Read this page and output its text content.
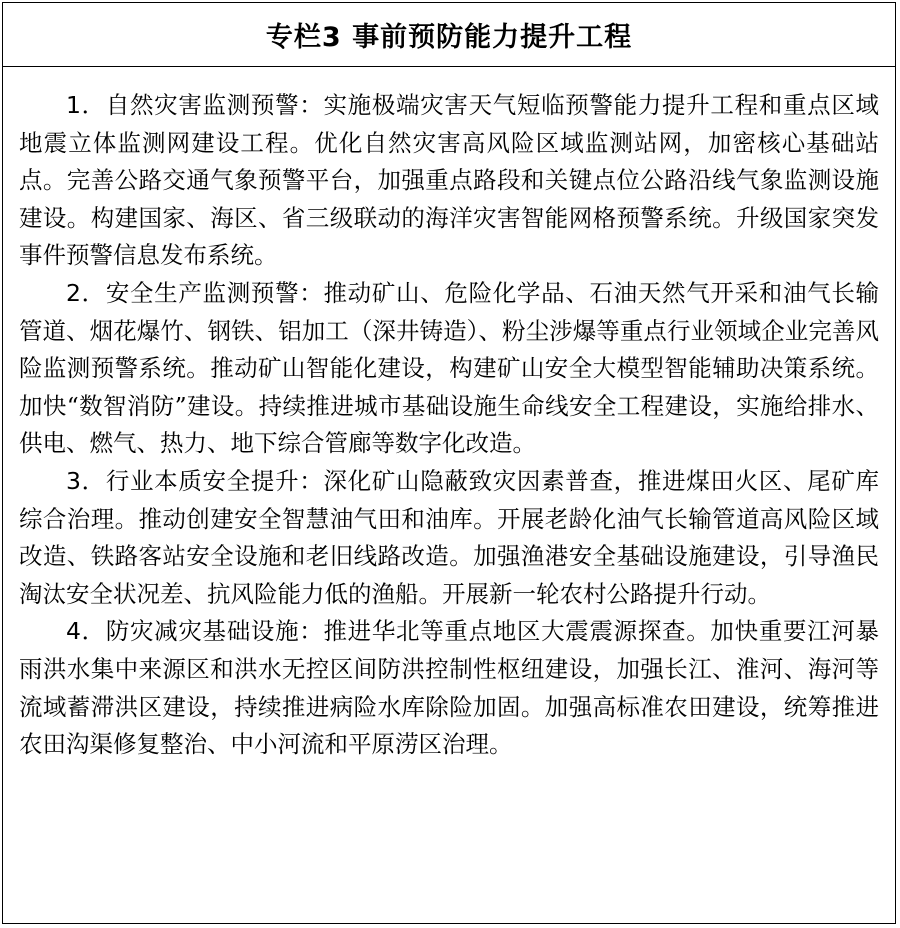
专栏3 事前预防能力提升工程

1．自然灾害监测预警：实施极端灾害天气短临预警能力提升工程和重点区域地震立体监测网建设工程。优化自然灾害高风险区域监测站网，加密核心基础站点。完善公路交通气象预警平台，加强重点路段和关键点位公路沿线气象监测设施建设。构建国家、海区、省三级联动的海洋灾害智能网格预警系统。升级国家突发事件预警信息发布系统。

2．安全生产监测预警：推动矿山、危险化学品、石油天然气开采和油气长输管道、烟花爆竹、钢铁、铝加工（深井铸造）、粉尘涉爆等重点行业领域企业完善风险监测预警系统。推动矿山智能化建设，构建矿山安全大模型智能辅助决策系统。加快“数智消防”建设。持续推进城市基础设施生命线安全工程建设，实施给排水、供电、燃气、热力、地下综合管廊等数字化改造。

3．行业本质安全提升：深化矿山隐蔽致灾因素普查，推进煤田火区、尾矿库综合治理。推动创建安全智慧油气田和油库。开展老龄化油气长输管道高风险区域改造、铁路客站安全设施和老旧线路改造。加强渔港安全基础设施建设，引导渔民淘汰安全状况差、抗风险能力低的渔船。开展新一轮农村公路提升行动。

4．防灾减灾基础设施：推进华北等重点地区大震震源探查。加快重要江河暴雨洪水集中来源区和洪水无控区间防洪控制性枢纽建设，加强长江、淮河、海河等流域蓄滞洪区建设，持续推进病险水库除险加固。加强高标准农田建设，统筹推进农田沟渠修复整治、中小河流和平原涝区治理。
